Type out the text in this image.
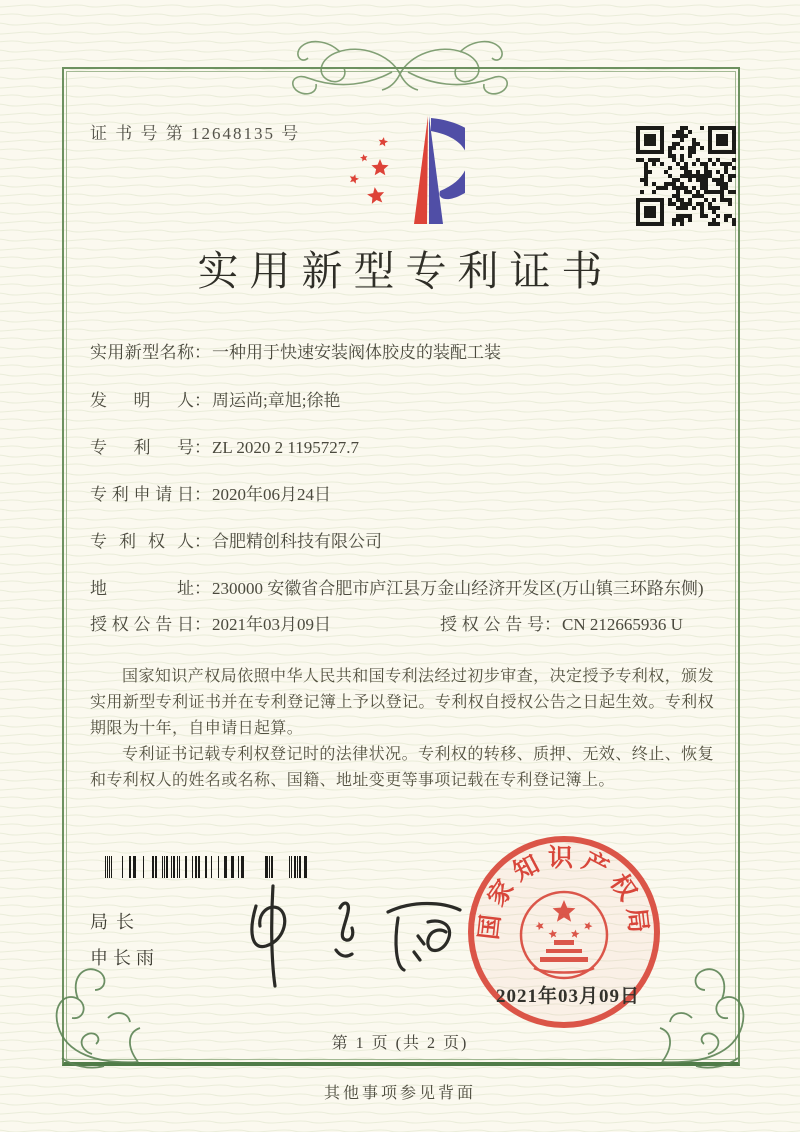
证 书 号 第 12648135 号
实用新型专利证书
实用新型名称 ： 一种用于快速安装阀体胶皮的装配工装
发明人 ： 周运尚;章旭;徐艳
专利号 ： ZL 2020 2 1195727.7
专利申请日 ： 2020年06月24日
专利权人 ： 合肥精创科技有限公司
地址 ： 230000 安徽省合肥市庐江县万金山经济开发区(万山镇三环路东侧)
授权公告日 ： 2021年03月09日	授权公告号 ： CN 212665936 U

国家知识产权局依照中华人民共和国专利法经过初步审查，决定授予专利权，颁发实用新型专利证书并在专利登记簿上予以登记。专利权自授权公告之日起生效。专利权期限为十年，自申请日起算。

专利证书记载专利权登记时的法律状况。专利权的转移、质押、无效、终止、恢复和专利权人的姓名或名称、国籍、地址变更等事项记载在专利登记簿上。

局长
申长雨
国家知识产权局
2021年03月09日
第 1 页 (共 2 页)
其他事项参见背面
